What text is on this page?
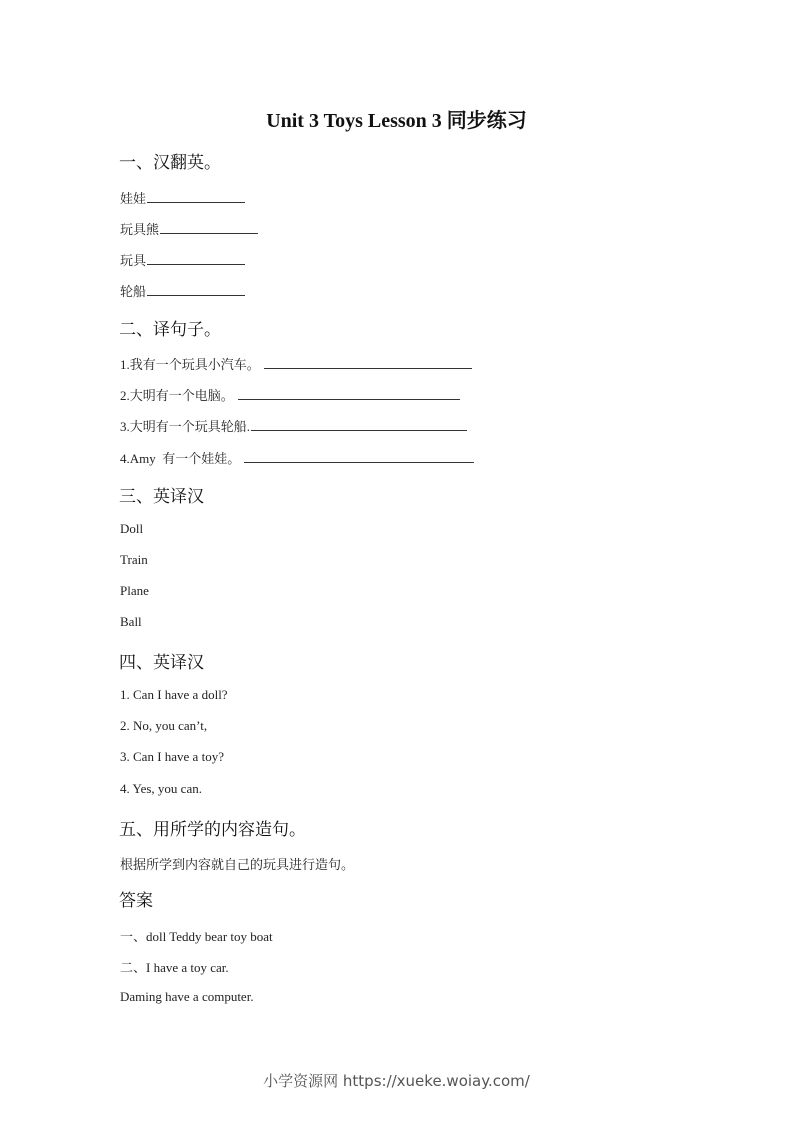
Unit 3 Toys Lesson 3 同步练习
一、汉翻英。
娃娃
玩具熊
玩具
轮船
二、译句子。
1.我有一个玩具小汽车。
2.大明有一个电脑。
3.大明有一个玩具轮船.
4.Amy  有一个娃娃。
三、英译汉
Doll
Train
Plane
Ball
四、英译汉
1. Can I have a doll?
2. No, you can’t,
3. Can I have a toy?
4. Yes, you can.
五、用所学的内容造句。
根据所学到内容就自己的玩具进行造句。
答案
一、doll Teddy bear toy boat
二、I have a toy car.
Daming have a computer.
小学资源网 https://xueke.woiay.com/
